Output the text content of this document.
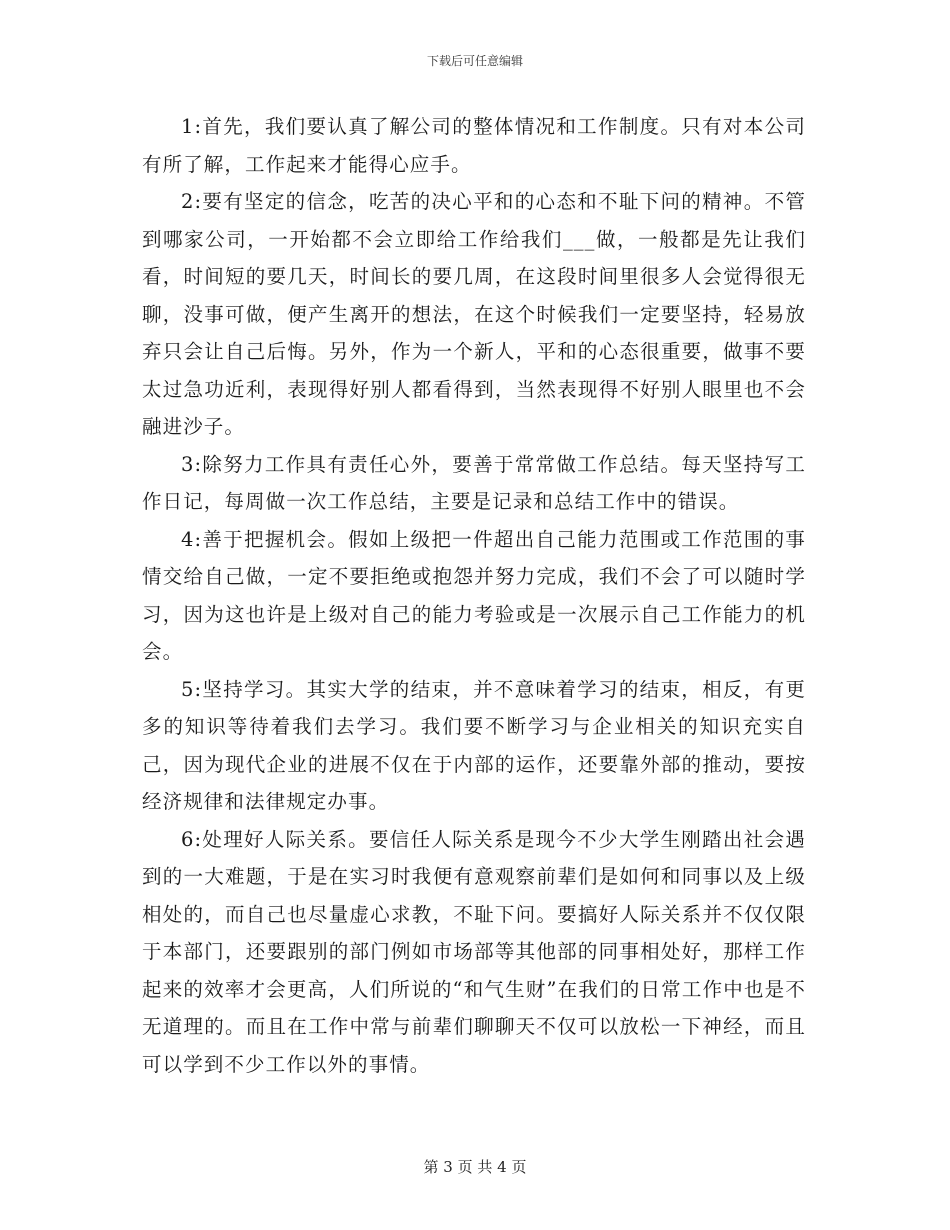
下载后可任意编辑

1:首先，我们要认真了解公司的整体情况和工作制度。只有对本公司有所了解，工作起来才能得心应手。

2:要有坚定的信念，吃苦的决心平和的心态和不耻下问的精神。不管到哪家公司，一开始都不会立即给工作给我们___做，一般都是先让我们看，时间短的要几天，时间长的要几周，在这段时间里很多人会觉得很无聊，没事可做，便产生离开的想法，在这个时候我们一定要坚持，轻易放弃只会让自己后悔。另外，作为一个新人，平和的心态很重要，做事不要太过急功近利，表现得好别人都看得到，当然表现得不好别人眼里也不会融进沙子。

3:除努力工作具有责任心外，要善于常常做工作总结。每天坚持写工作日记，每周做一次工作总结，主要是记录和总结工作中的错误。

4:善于把握机会。假如上级把一件超出自己能力范围或工作范围的事情交给自己做，一定不要拒绝或抱怨并努力完成，我们不会了可以随时学习，因为这也许是上级对自己的能力考验或是一次展示自己工作能力的机会。

5:坚持学习。其实大学的结束，并不意味着学习的结束，相反，有更多的知识等待着我们去学习。我们要不断学习与企业相关的知识充实自己，因为现代企业的进展不仅在于内部的运作，还要靠外部的推动，要按经济规律和法律规定办事。

6:处理好人际关系。要信任人际关系是现今不少大学生刚踏出社会遇到的一大难题，于是在实习时我便有意观察前辈们是如何和同事以及上级相处的，而自己也尽量虚心求教，不耻下问。要搞好人际关系并不仅仅限于本部门，还要跟别的部门例如市场部等其他部的同事相处好，那样工作起来的效率才会更高，人们所说的“和气生财”在我们的日常工作中也是不无道理的。而且在工作中常与前辈们聊聊天不仅可以放松一下神经，而且可以学到不少工作以外的事情。

第 3 页 共 4 页
